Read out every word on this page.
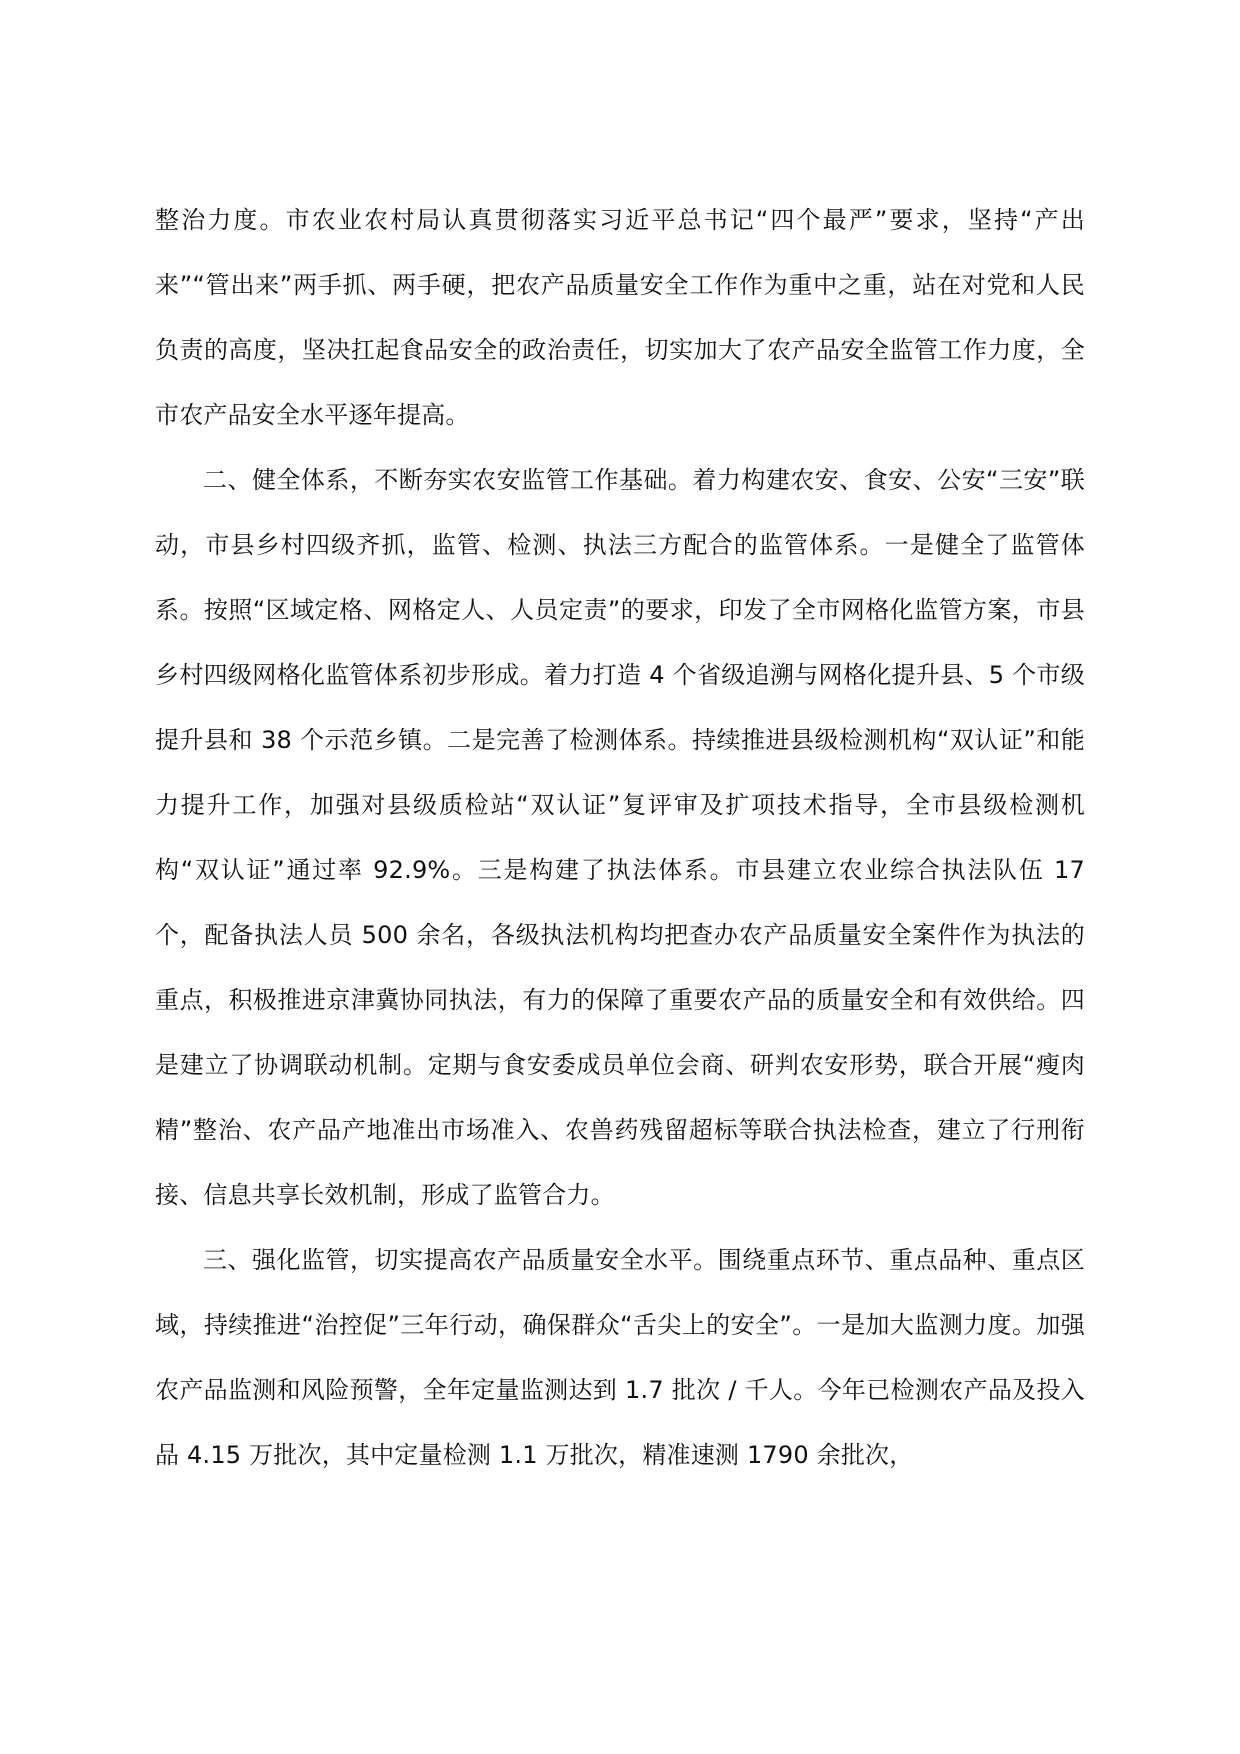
整治力度。市农业农村局认真贯彻落实习近平总书记“四个最严”要求，坚持“产出来”“管出来”两手抓、两手硬，把农产品质量安全工作作为重中之重，站在对党和人民负责的高度，坚决扛起食品安全的政治责任，切实加大了农产品安全监管工作力度，全市农产品安全水平逐年提高。

二、健全体系，不断夯实农安监管工作基础。着力构建农安、食安、公安“三安”联动，市县乡村四级齐抓，监管、检测、执法三方配合的监管体系。一是健全了监管体系。按照“区域定格、网格定人、人员定责”的要求，印发了全市网格化监管方案，市县乡村四级网格化监管体系初步形成。着力打造 4 个省级追溯与网格化提升县、5 个市级提升县和 38 个示范乡镇。二是完善了检测体系。持续推进县级检测机构“双认证”和能力提升工作，加强对县级质检站“双认证”复评审及扩项技术指导，全市县级检测机构“双认证”通过率 92.9%。三是构建了执法体系。市县建立农业综合执法队伍 17 个，配备执法人员 500 余名，各级执法机构均把查办农产品质量安全案件作为执法的重点，积极推进京津冀协同执法，有力的保障了重要农产品的质量安全和有效供给。四是建立了协调联动机制。定期与食安委成员单位会商、研判农安形势，联合开展“瘦肉精”整治、农产品产地准出市场准入、农兽药残留超标等联合执法检查，建立了行刑衔接、信息共享长效机制，形成了监管合力。

三、强化监管，切实提高农产品质量安全水平。围绕重点环节、重点品种、重点区域，持续推进“治控促”三年行动，确保群众“舌尖上的安全”。一是加大监测力度。加强农产品监测和风险预警，全年定量监测达到 1.7 批次 / 千人。今年已检测农产品及投入品 4.15 万批次，其中定量检测 1.1 万批次，精准速测 1790 余批次，
